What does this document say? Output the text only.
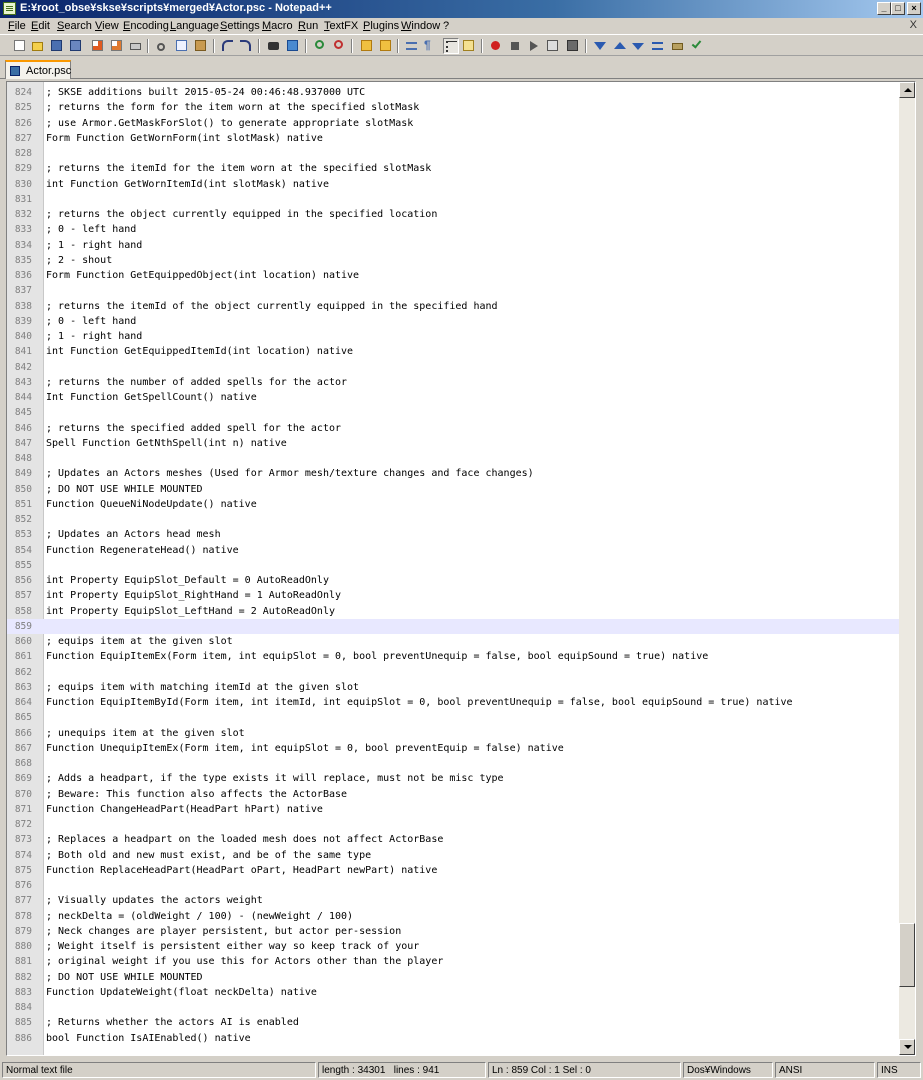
E:¥root_obse¥skse¥scripts¥merged¥Actor.psc - Notepad++	_ □	×
File Edit Search View Encoding Language Settings Macro Run TextFX Plugins Window ?	X
¶
Actor.psc
824 ; SKSE additions built 2015-05-24 00:46:48.937000 UTC
825 ; returns the form for the item worn at the specified slotMask
826 ; use Armor.GetMaskForSlot() to generate appropriate slotMask
827 Form Function GetWornForm(int slotMask) native
828
829 ; returns the itemId for the item worn at the specified slotMask
830 int Function GetWornItemId(int slotMask) native
831
832 ; returns the object currently equipped in the specified location
833 ; 0 - left hand
834 ; 1 - right hand
835 ; 2 - shout
836 Form Function GetEquippedObject(int location) native
837
838 ; returns the itemId of the object currently equipped in the specified hand
839 ; 0 - left hand
840 ; 1 - right hand
841 int Function GetEquippedItemId(int location) native
842
843 ; returns the number of added spells for the actor
844 Int Function GetSpellCount() native
845
846 ; returns the specified added spell for the actor
847 Spell Function GetNthSpell(int n) native
848
849 ; Updates an Actors meshes (Used for Armor mesh/texture changes and face changes)
850 ; DO NOT USE WHILE MOUNTED
851 Function QueueNiNodeUpdate() native
852
853 ; Updates an Actors head mesh
854 Function RegenerateHead() native
855
856 int Property EquipSlot_Default = 0 AutoReadOnly
857 int Property EquipSlot_RightHand = 1 AutoReadOnly
858 int Property EquipSlot_LeftHand = 2 AutoReadOnly
859
860 ; equips item at the given slot
861 Function EquipItemEx(Form item, int equipSlot = 0, bool preventUnequip = false, bool equipSound = true) native
862
863 ; equips item with matching itemId at the given slot
864 Function EquipItemById(Form item, int itemId, int equipSlot = 0, bool preventUnequip = false, bool equipSound = true) native
865
866 ; unequips item at the given slot
867 Function UnequipItemEx(Form item, int equipSlot = 0, bool preventEquip = false) native
868
869 ; Adds a headpart, if the type exists it will replace, must not be misc type
870 ; Beware: This function also affects the ActorBase
871 Function ChangeHeadPart(HeadPart hPart) native
872
873 ; Replaces a headpart on the loaded mesh does not affect ActorBase
874 ; Both old and new must exist, and be of the same type
875 Function ReplaceHeadPart(HeadPart oPart, HeadPart newPart) native
876
877 ; Visually updates the actors weight
878 ; neckDelta = (oldWeight / 100) - (newWeight / 100)
879 ; Neck changes are player persistent, but actor per-session
880 ; Weight itself is persistent either way so keep track of your
881 ; original weight if you use this for Actors other than the player
882 ; DO NOT USE WHILE MOUNTED
883 Function UpdateWeight(float neckDelta) native
884
885 ; Returns whether the actors AI is enabled
886 bool Function IsAIEnabled() native
Normal text file	length : 34301 lines : 941	Ln : 859 Col : 1 Sel : 0	Dos¥Windows	ANSI	INS
